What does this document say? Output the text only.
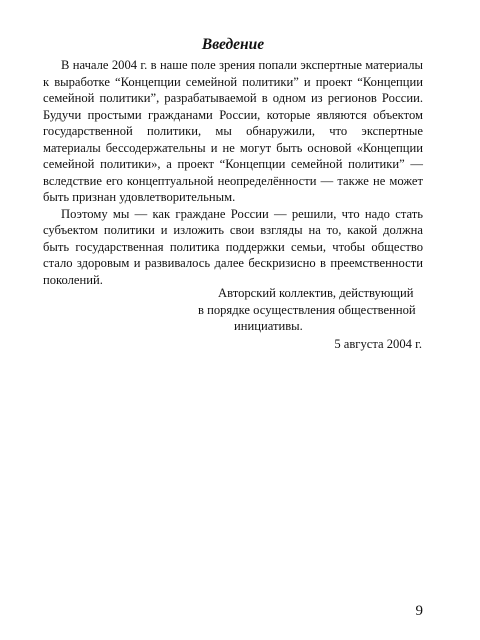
Введение

В начале 2004 г. в наше поле зрения попали экспертные материалы к выработке “Концепции семейной политики” и проект “Концепции семейной политики”, разрабатываемой в одном из регионов России. Будучи простыми гражданами России, которые являются объектом государственной политики, мы обнаружили, что экспертные материалы бессодержательны и не могут быть основой «Концепции семейной политики», а проект “Концепции семейной политики” — вследствие его концептуальной неопределённости — также не может быть признан удовлетворительным.

Поэтому мы — как граждане России — решили, что надо стать субъектом политики и изложить свои взгляды на то, какой должна быть государственная политика поддержки семьи, чтобы общество стало здоровым и развивалось далее бескризисно в преемственности поколений.

Авторский коллектив, действующий
в порядке осуществления общественной
инициативы.
5 августа 2004 г.
9
